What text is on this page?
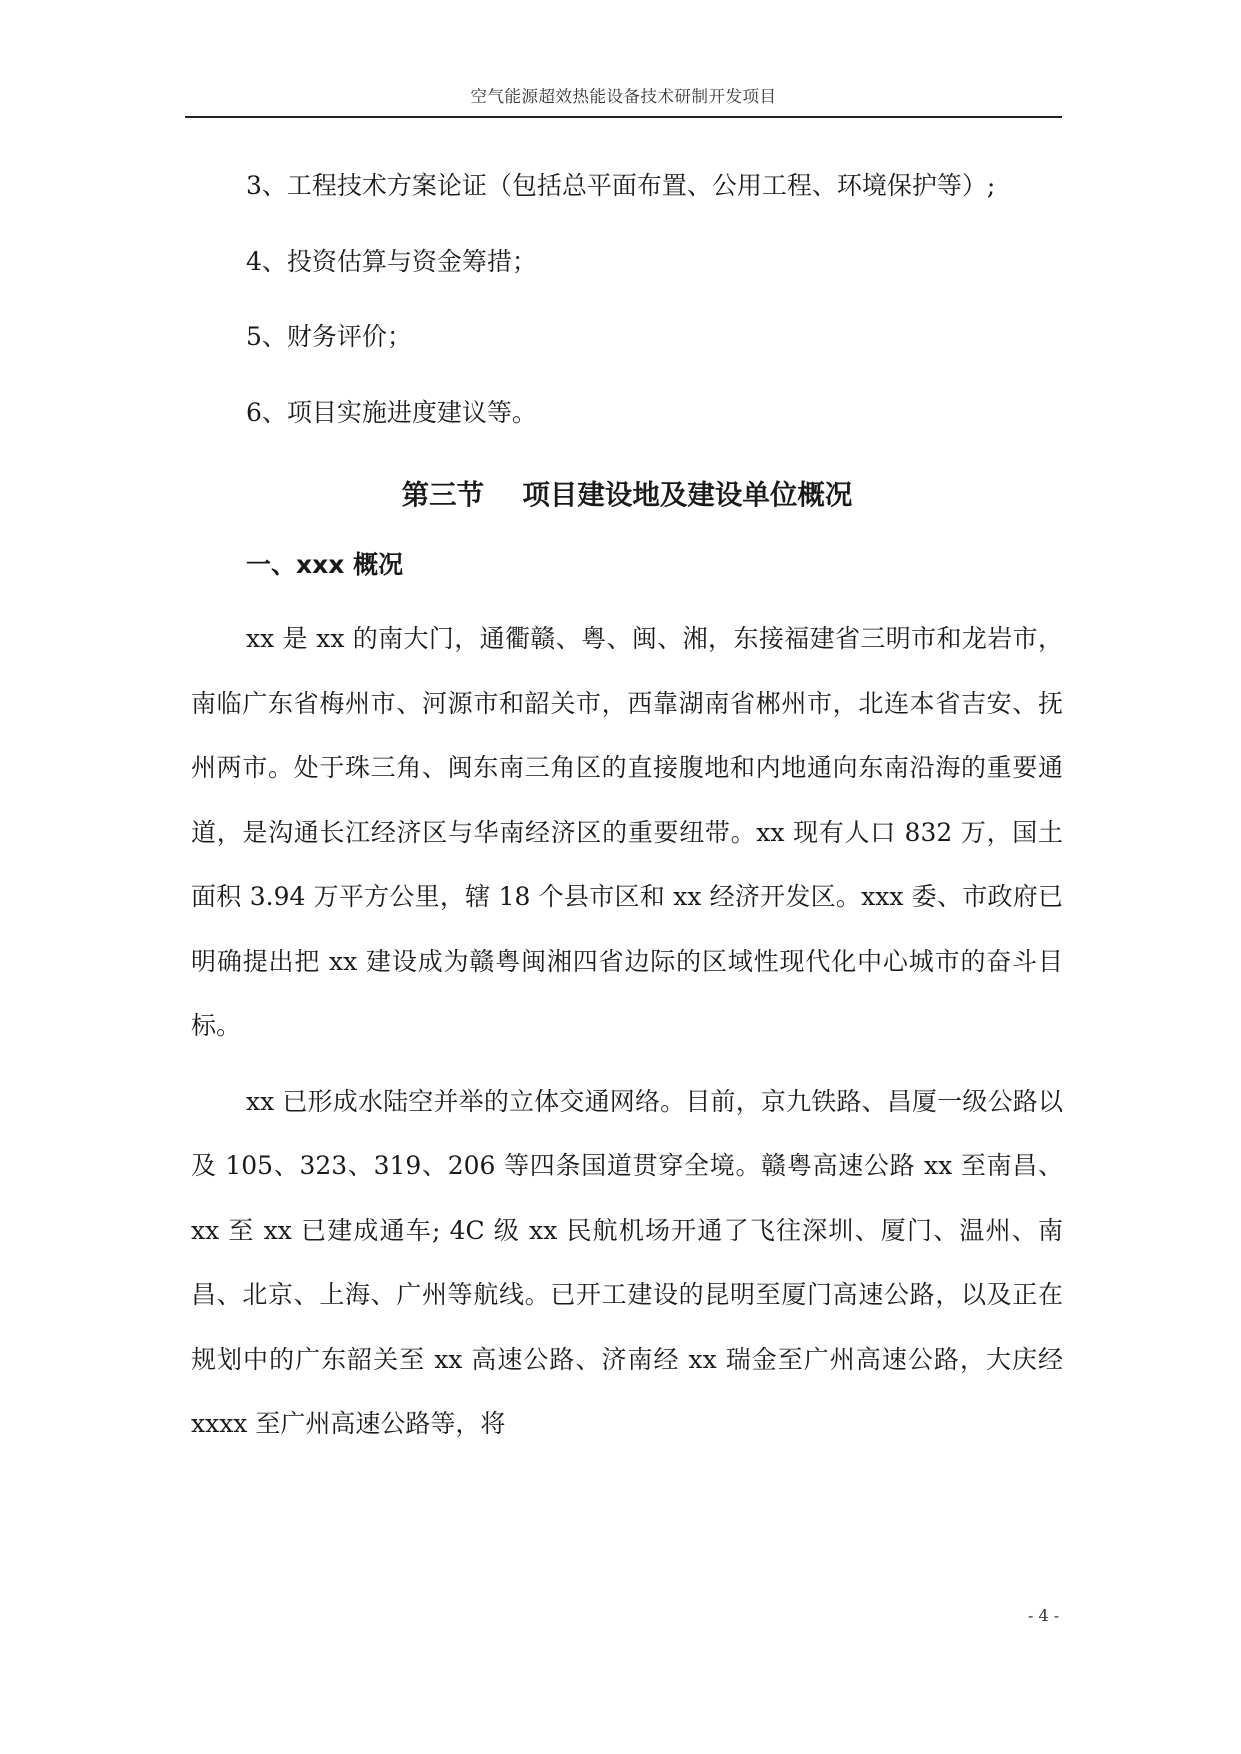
空气能源超效热能设备技术研制开发项目

3、工程技术方案论证（包括总平面布置、公用工程、环境保护等）;

4、投资估算与资金筹措；

5、财务评价；

6、项目实施进度建议等。

第三节    项目建设地及建设单位概况
一、xxx 概况

xx 是 xx 的南大门，通衢赣、粤、闽、湘，东接福建省三明市和龙岩市，南临广东省梅州市、河源市和韶关市，西靠湖南省郴州市，北连本省吉安、抚州两市。处于珠三角、闽东南三角区的直接腹地和内地通向东南沿海的重要通道，是沟通长江经济区与华南经济区的重要纽带。xx 现有人口 832 万，国土面积 3.94 万平方公里，辖 18 个县市区和 xx 经济开发区。xxx 委、市政府已明确提出把 xx 建设成为赣粤闽湘四省边际的区域性现代化中心城市的奋斗目标。

xx 已形成水陆空并举的立体交通网络。目前，京九铁路、昌厦一级公路以及 105、323、319、206 等四条国道贯穿全境。赣粤高速公路 xx 至南昌、xx 至 xx 已建成通车; 4C 级 xx 民航机场开通了飞往深圳、厦门、温州、南昌、北京、上海、广州等航线。已开工建设的昆明至厦门高速公路，以及正在规划中的广东韶关至 xx 高速公路、济南经 xx 瑞金至广州高速公路，大庆经 xxxx 至广州高速公路等，将

- 4 -
